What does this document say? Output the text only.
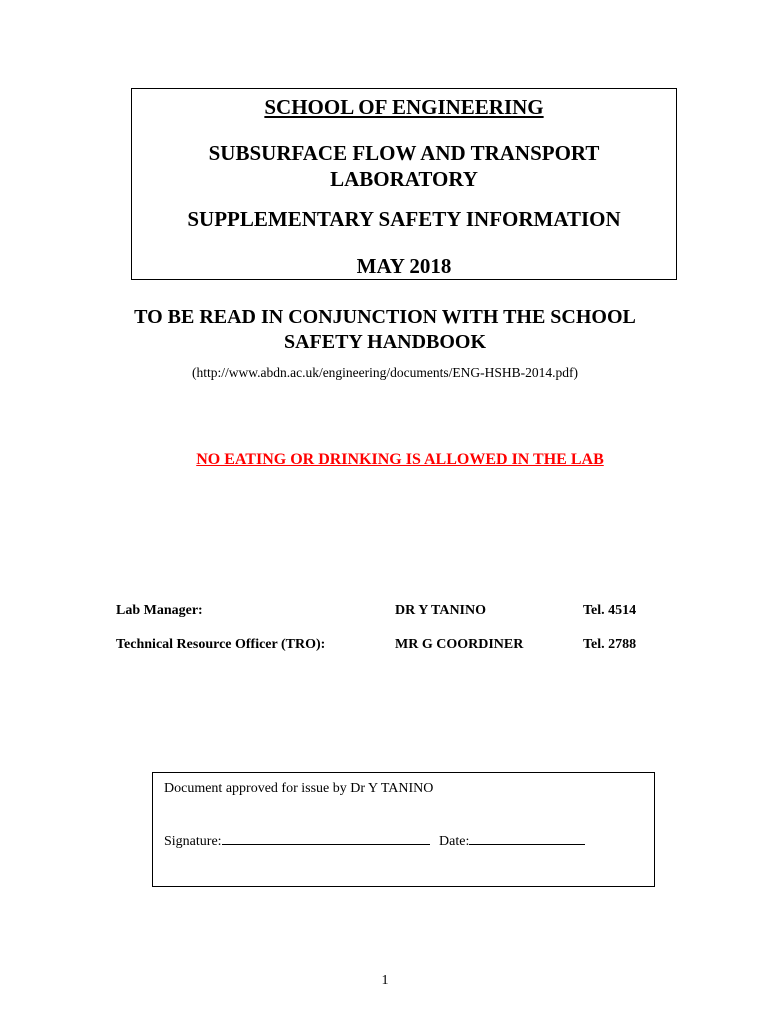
SCHOOL OF ENGINEERING
SUBSURFACE FLOW AND TRANSPORT
LABORATORY
SUPPLEMENTARY SAFETY INFORMATION
MAY 2018
TO BE READ IN CONJUNCTION WITH THE SCHOOL
SAFETY HANDBOOK
(http://www.abdn.ac.uk/engineering/documents/ENG-HSHB-2014.pdf)
NO EATING OR DRINKING IS ALLOWED IN THE LAB
Lab Manager:	DR Y TANINO	Tel. 4514
Technical Resource Officer (TRO):	MR G COORDINER	Tel. 2788
Document approved for issue by Dr Y TANINO
Signature:	Date:
1
